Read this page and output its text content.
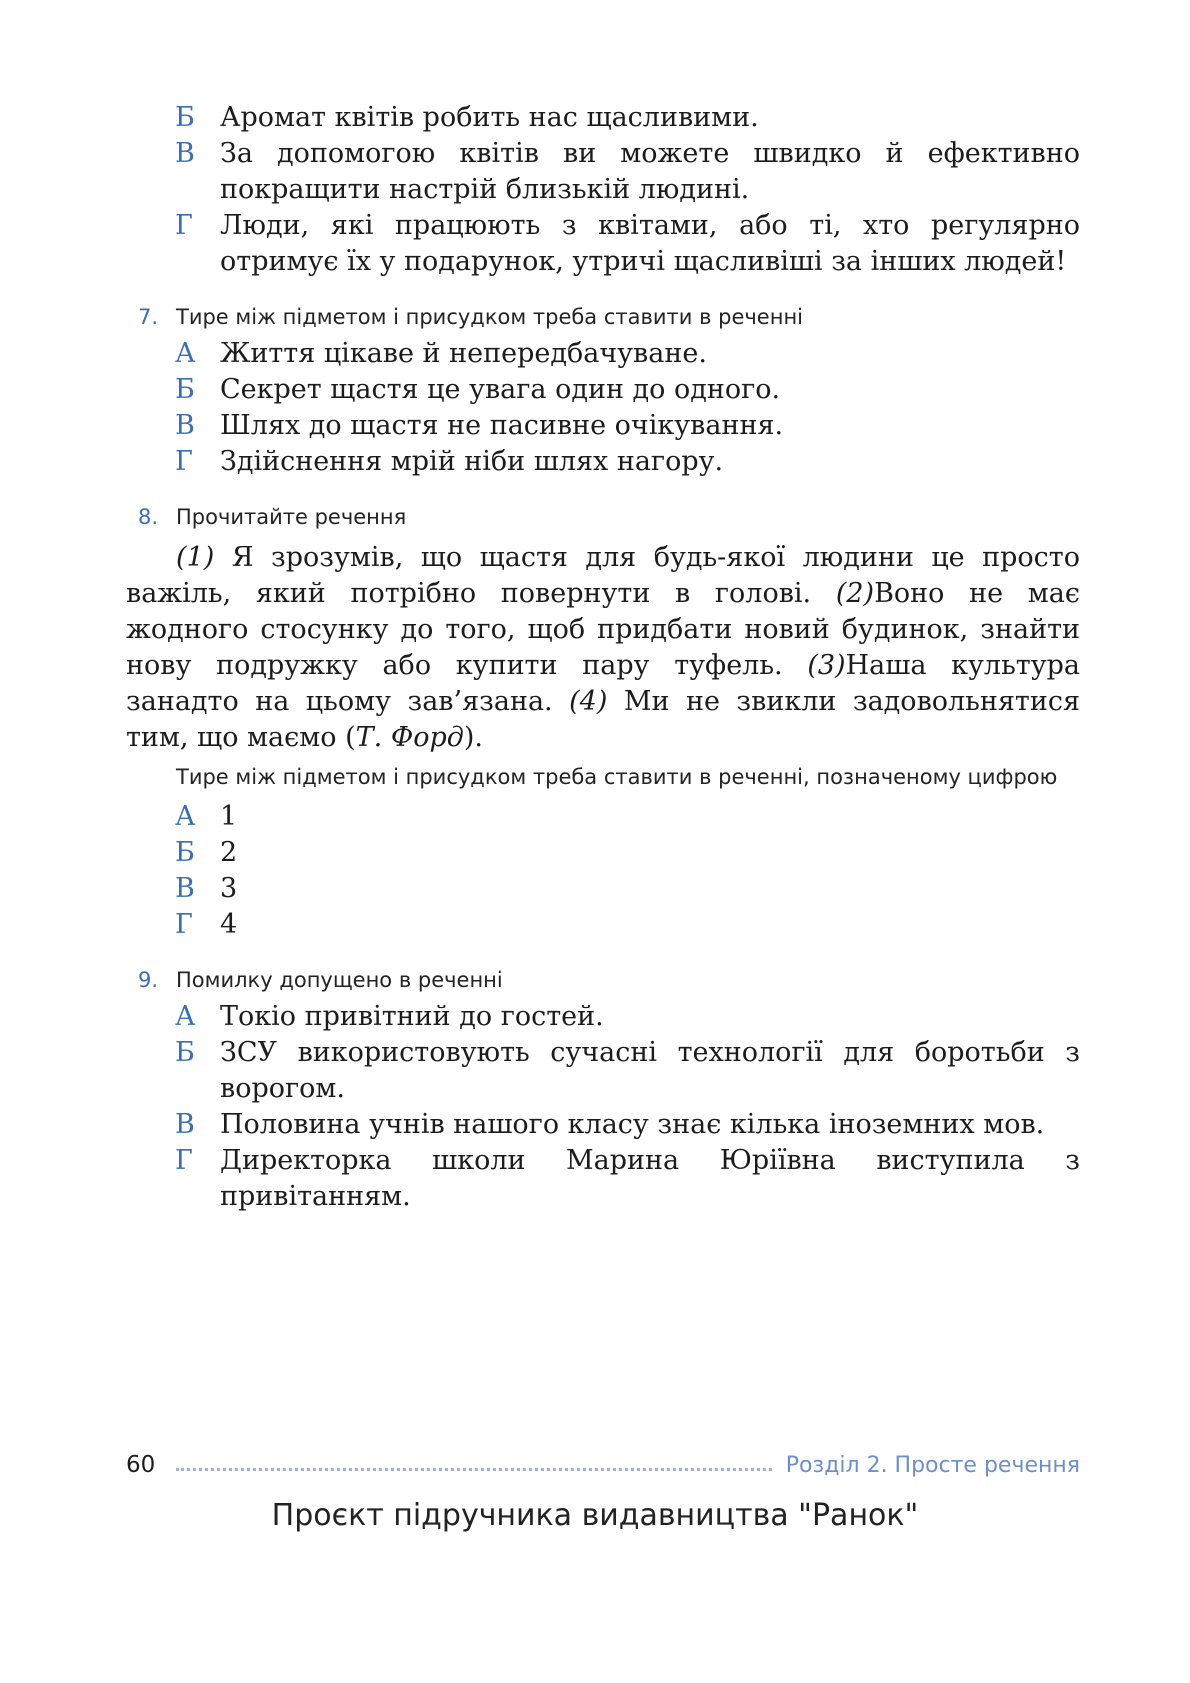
Б Аромат квітів робить нас щасливими.
В За допомогою квітів ви можете швидко й ефективно покращити настрій близькій людині.
Г	Люди, які працюють з квітами, або ті, хто регулярно отримує їх у подарунок, утричі щасливіші за інших людей!
7. Тире між підметом і присудком треба ставити в реченні
А Життя цікаве й непередбачуване.
Б Секрет щастя це увага один до одного.
В Шлях до щастя не пасивне очікування.
Г	Здійснення мрій ніби шлях нагору.
8. Прочитайте речення

(1) Я зрозумів, що щастя для будь-якої людини це просто важіль, який потрібно повернути в голові. (2)Воно не має жодного стосунку до того, щоб придбати новий будинок, знайти нову подружку або купити пару туфель. (3)Наша культура занадто на цьому зав’язана. (4) Ми не звикли задовольнятися тим, що маємо (Т. Форд).

Тире між підметом і присудком треба ставити в реченні, позначеному цифрою
А 1
Б 2
В 3
Г	4
9. Помилку допущено в реченні
А Токіо привітний до гостей.
Б ЗСУ використовують сучасні технології для боротьби з ворогом.
В Половина учнів нашого класу знає кілька іноземних мов.
Г	Директорка школи Марина Юріївна виступила з привітанням.
60	Розділ 2. Просте речення
Проєкт підручника видавництва "Ранок"
